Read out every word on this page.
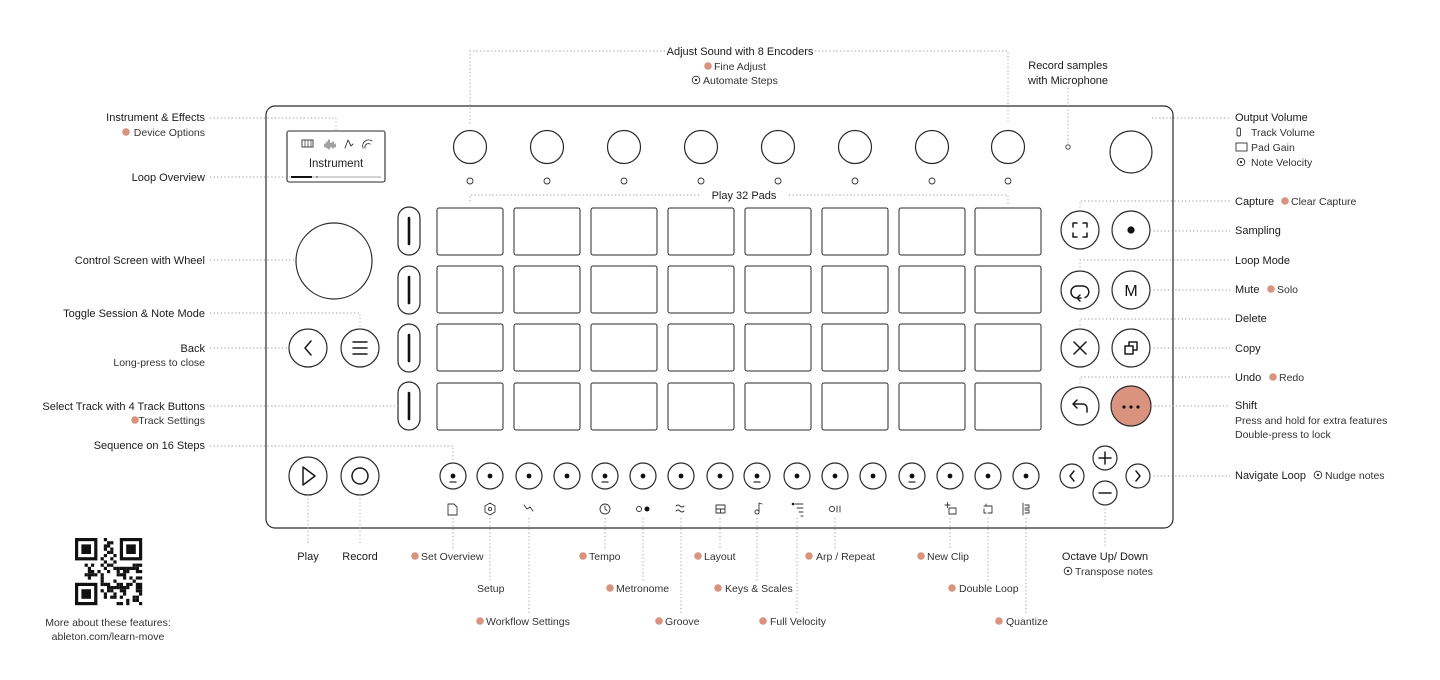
Instrument
M
Adjust Sound with 8 Encoders
Fine Adjust
Automate Steps
Record samples
with Microphone
Play 32 Pads
Instrument & Effects
Device Options
Loop Overview
Control Screen with Wheel
Toggle Session & Note Mode
Back
Long-press to close
Select Track with 4 Track Buttons
Track Settings
Sequence on 16 Steps
Output Volume
Track Volume
Pad Gain
Note Velocity
Capture Clear Capture
Sampling
Loop Mode
Mute Solo
Delete
Copy
Undo Redo
Shift
Press and hold for extra features
Double-press to lock
Navigate Loop Nudge notes
Play Record	Set Overview
Setup
Workflow Settings
Tempo
Metronome
Groove
Layout
Keys & Scales
Full Velocity
Arp / Repeat	New Clip
Double Loop
Quantize
Octave Up/ Down
Transpose notes
More about these features:
ableton.com/learn-move
